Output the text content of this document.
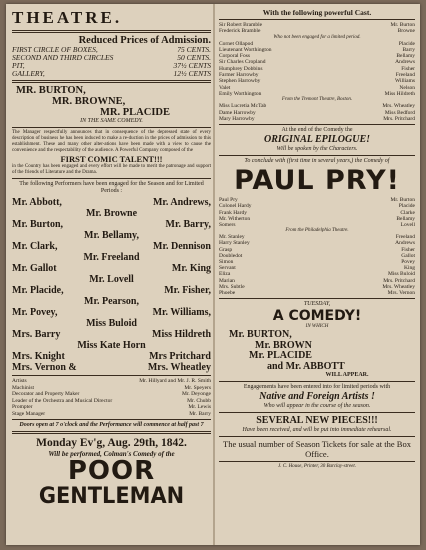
THEATRE.
Reduced Prices of Admission.
FIRST CIRCLE OF BOXES,	75 CENTS.
SECOND AND THIRD CIRCLES	50 CENTS.
PIT,	37½ CENTS
GALLERY,	12½ CENTS
MR. BURTON,
MR. BROWNE,
MR. PLACIDE
IN THE SAME COMEDY.
The Manager respectfully announces that in consequence of the depressed state of every description of business he has been induced to make a re-duction in the prices of admission to this establishment. These and many other alter-ations have been made with a view to cause the convenience and the respectability of the audience. A Powerful Company composed of the
FIRST COMIC TALENT!!!
in the Country has been engaged and every effort will be made to merit the patronage and support of the friends of Literature and the Drama.
The following Performers have been engaged for the Season and for Limited Periods :
Mr. Abbott,	Mr. Andrews,
Mr. Browne
Mr. Burton,	Mr. Barry,
Mr. Bellamy,
Mr. Clark,	Mr. Dennison
Mr. Freeland
Mr. Gallot	Mr. King
Mr. Lovell
Mr. Placide,	Mr. Fisher,
Mr. Pearson,
Mr. Povey,	Mr. Williams,
Miss Buloid
Mrs. Barry	Miss Hildreth
Miss Kate Horn
Mrs. Knight	Mrs Pritchard
Mrs. Vernon &	Mrs. Wheatley
Artists	Mr. Hillyard and Mr. J. R. Smith
Machinist	Mr. Speyers
Decorator and Property Maker	Mr. Deyonge
Leader of the Orchestra and Musical Director	Mr. Chubb
Prompter	Mr. Lewis
Stage Manager	Mr. Barry
Doors open at 7 o'clock and the Performance will commence at half past 7
Monday Ev'g, Aug. 29th, 1842.
Will be performed, Colman's Comedy of the
POOR
GENTLEMAN
With the following powerful Cast.
Sir Robert Bramble	Mr. Burton
Frederick Bramble	Browne
Who not been engaged for a limited period.
Cornet Ollapod	Placide
Lieutenant Worthington	Barry
Corporal Foss	Bellamy
Sir Charles Cropland	Andrews
Humphrey Dobbins	Fisher
Farmer Harrowby	Freeland
Stephen Harrowby	Williams
Valet	Nelson
Emily Worthington	Miss Hildreth
From the Tremont Theatre, Boston.
Miss Lucretia McTab	Mrs. Wheatley
Dame Harrowby	Miss Bedford
Mary Harrowby	Mrs. Pritchard
At the end of the Comedy the
ORIGINAL EPILOGUE!
Will be spoken by the Characters.
To conclude with (first time in several years,) the Comedy of
PAUL PRY!
Paul Pry	Mr. Burton
Colonel Hardy	Placide
Frank Hardy	Clarke
Mr. Witherton	Bellamy
Somers	Lovell
From the Philadelphia Theatre.
Mr. Stanley	Freeland
Harry Stanley	Andrews
Grasp	Fisher
Doubledot	Gallot
Simon	Povey
Servant	King
Eliza	Miss Buloid
Marian	Mrs. Pritchard
Mrs. Subtle	Mrs. Wheatley
Phoebe	Mrs. Vernon
TUESDAY,
A COMEDY!
IN WHICH
Mr. BURTON,
Mr. BROWN
Mr. PLACIDE
and Mr. ABBOTT
WILL APPEAR.
Engagements have been entered into for limited periods with
Native and Foreign Artists !
Who will appear in the course of the season.
SEVERAL NEW PIECES!!!
Have been received, and will be put into immediate rehearsal.
The usual number of Season Tickets for sale at the Box Office.
J. C. House, Printer, 30 Barclay-street.
